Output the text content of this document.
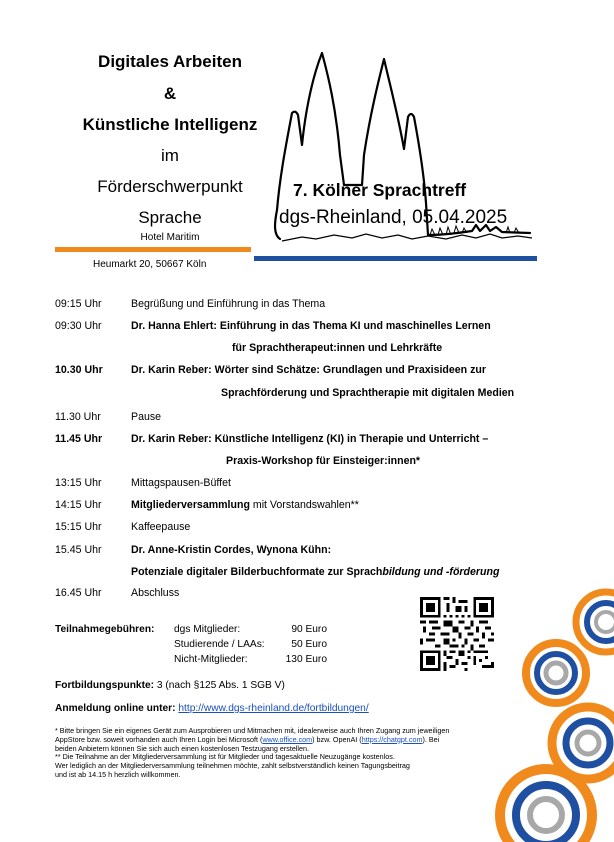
Digitales Arbeiten
&
Künstliche Intelligenz
im
Förderschwerpunkt
Sprache
Hotel Maritim
7. Kölner Sprachtreff
dgs-Rheinland, 05.04.2025
Heumarkt 20, 50667 Köln
09:15 Uhr	Begrüßung und Einführung in das Thema
09:30 Uhr	Dr. Hanna Ehlert: Einführung in das Thema KI und maschinelles Lernen
für Sprachtherapeut:innen und Lehrkräfte
10.30 Uhr	Dr. Karin Reber: Wörter sind Schätze: Grundlagen und Praxisideen zur
Sprachförderung und Sprachtherapie mit digitalen Medien
11.30 Uhr	Pause
11.45 Uhr	Dr. Karin Reber: Künstliche Intelligenz (KI) in Therapie und Unterricht –
Praxis-Workshop für Einsteiger:innen*
13:15 Uhr	Mittagspausen-Büffet
14:15 Uhr	Mitgliederversammlung mit Vorstandswahlen**
15:15 Uhr	Kaffeepause
15.45 Uhr	Dr. Anne-Kristin Cordes, Wynona Kühn:
Potenziale digitaler Bilderbuchformate zur Sprachbildung und -förderung
16.45 Uhr	Abschluss
Teilnahmegebühren: dgs Mitglieder:	90 Euro
Studierende / LAAs:	50 Euro
Nicht-Mitglieder:	130 Euro
Fortbildungspunkte: 3 (nach §125 Abs. 1 SGB V)
Anmeldung online unter: http://www.dgs-rheinland.de/fortbildungen/
* Bitte bringen Sie ein eigenes Gerät zum Ausprobieren und Mitmachen mit, idealerweise auch Ihren Zugang zum jeweiligen
AppStore bzw. soweit vorhanden auch Ihren Login bei Microsoft (www.office.com) bzw. OpenAI (https://chatgpt.com). Bei
beiden Anbietern können Sie sich auch einen kostenlosen Testzugang erstellen.
** Die Teilnahme an der Mitgliederversammlung ist für Mitglieder und tagesaktuelle Neuzugänge kostenlos.
Wer lediglich an der Mitgliederversammlung teilnehmen möchte, zahlt selbstverständlich keinen Tagungsbeitrag
und ist ab 14.15 h herzlich willkommen.
